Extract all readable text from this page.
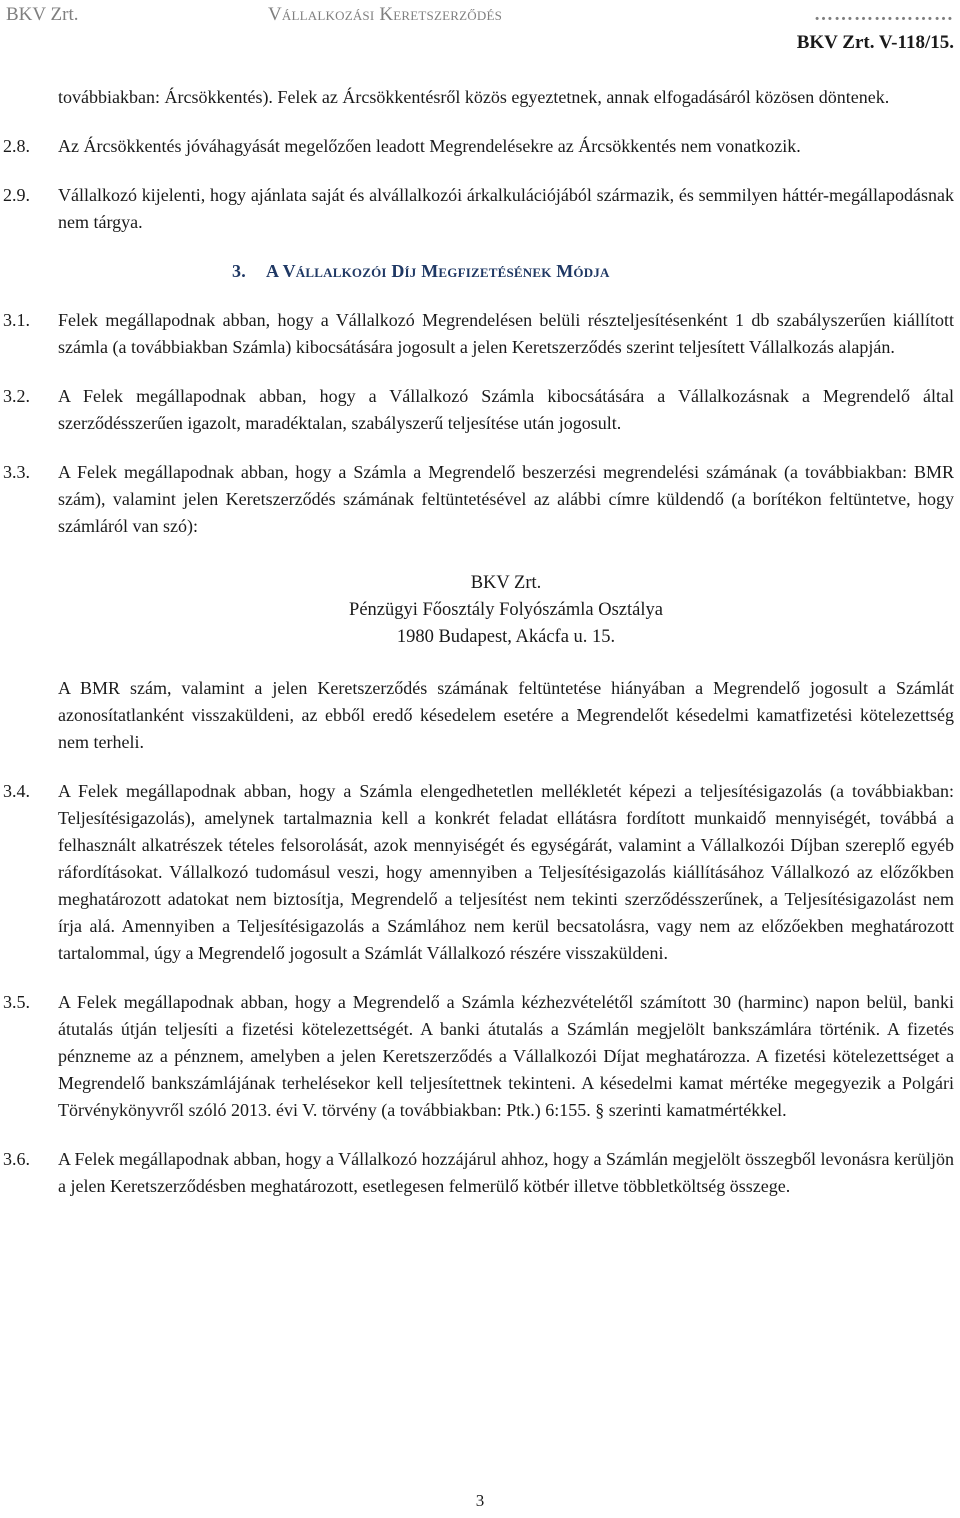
BKV Zrt.	Vállalkozási Keretszerződés	…………………
BKV Zrt. V-118/15.

továbbiakban: Árcsökkentés). Felek az Árcsökkentésről közös egyeztetnek, annak elfogadásáról közösen döntenek.

2.8. Az Árcsökkentés jóváhagyását megelőzően leadott Megrendelésekre az Árcsökkentés nem vonatkozik.

2.9. Vállalkozó kijelenti, hogy ajánlata saját és alvállalkozói árkalkulációjából származik, és semmilyen háttér-megállapodásnak nem tárgya.

3. A Vállalkozói Díj Megfizetésének Módja

3.1. Felek megállapodnak abban, hogy a Vállalkozó Megrendelésen belüli részteljesítésenként 1 db szabályszerűen kiállított számla (a továbbiakban Számla) kibocsátására jogosult a jelen Keretszerződés szerint teljesített Vállalkozás alapján.

3.2. A Felek megállapodnak abban, hogy a Vállalkozó Számla kibocsátására a Vállalkozásnak a Megrendelő által szerződésszerűen igazolt, maradéktalan, szabályszerű teljesítése után jogosult.

3.3. A Felek megállapodnak abban, hogy a Számla a Megrendelő beszerzési megrendelési számának (a továbbiakban: BMR szám), valamint jelen Keretszerződés számának feltüntetésével az alábbi címre küldendő (a borítékon feltüntetve, hogy számláról van szó):

BKV Zrt.

Pénzügyi Főosztály Folyószámla Osztálya

1980 Budapest, Akácfa u. 15.

A BMR szám, valamint a jelen Keretszerződés számának feltüntetése hiányában a Megrendelő jogosult a Számlát azonosítatlanként visszaküldeni, az ebből eredő késedelem esetére a Megrendelőt késedelmi kamatfizetési kötelezettség nem terheli.

3.4. A Felek megállapodnak abban, hogy a Számla elengedhetetlen mellékletét képezi a teljesítésigazolás (a továbbiakban: Teljesítésigazolás), amelynek tartalmaznia kell a konkrét feladat ellátásra fordított munkaidő mennyiségét, továbbá a felhasznált alkatrészek tételes felsorolását, azok mennyiségét és egységárát, valamint a Vállalkozói Díjban szereplő egyéb ráfordításokat. Vállalkozó tudomásul veszi, hogy amennyiben a Teljesítésigazolás kiállításához Vállalkozó az előzőkben meghatározott adatokat nem biztosítja, Megrendelő a teljesítést nem tekinti szerződésszerűnek, a Teljesítésigazolást nem írja alá. Amennyiben a Teljesítésigazolás a Számlához nem kerül becsatolásra, vagy nem az előzőekben meghatározott tartalommal, úgy a Megrendelő jogosult a Számlát Vállalkozó részére visszaküldeni.

3.5. A Felek megállapodnak abban, hogy a Megrendelő a Számla kézhezvételétől számított 30 (harminc) napon belül, banki átutalás útján teljesíti a fizetési kötelezettségét. A banki átutalás a Számlán megjelölt bankszámlára történik. A fizetés pénzneme az a pénznem, amelyben a jelen Keretszerződés a Vállalkozói Díjat meghatározza. A fizetési kötelezettséget a Megrendelő bankszámlájának terhelésekor kell teljesítettnek tekinteni. A késedelmi kamat mértéke megegyezik a Polgári Törvénykönyvről szóló 2013. évi V. törvény (a továbbiakban: Ptk.) 6:155. § szerinti kamatmértékkel.

3.6. A Felek megállapodnak abban, hogy a Vállalkozó hozzájárul ahhoz, hogy a Számlán megjelölt összegből levonásra kerüljön a jelen Keretszerződésben meghatározott, esetlegesen felmerülő kötbér illetve többletköltség összege.

3
